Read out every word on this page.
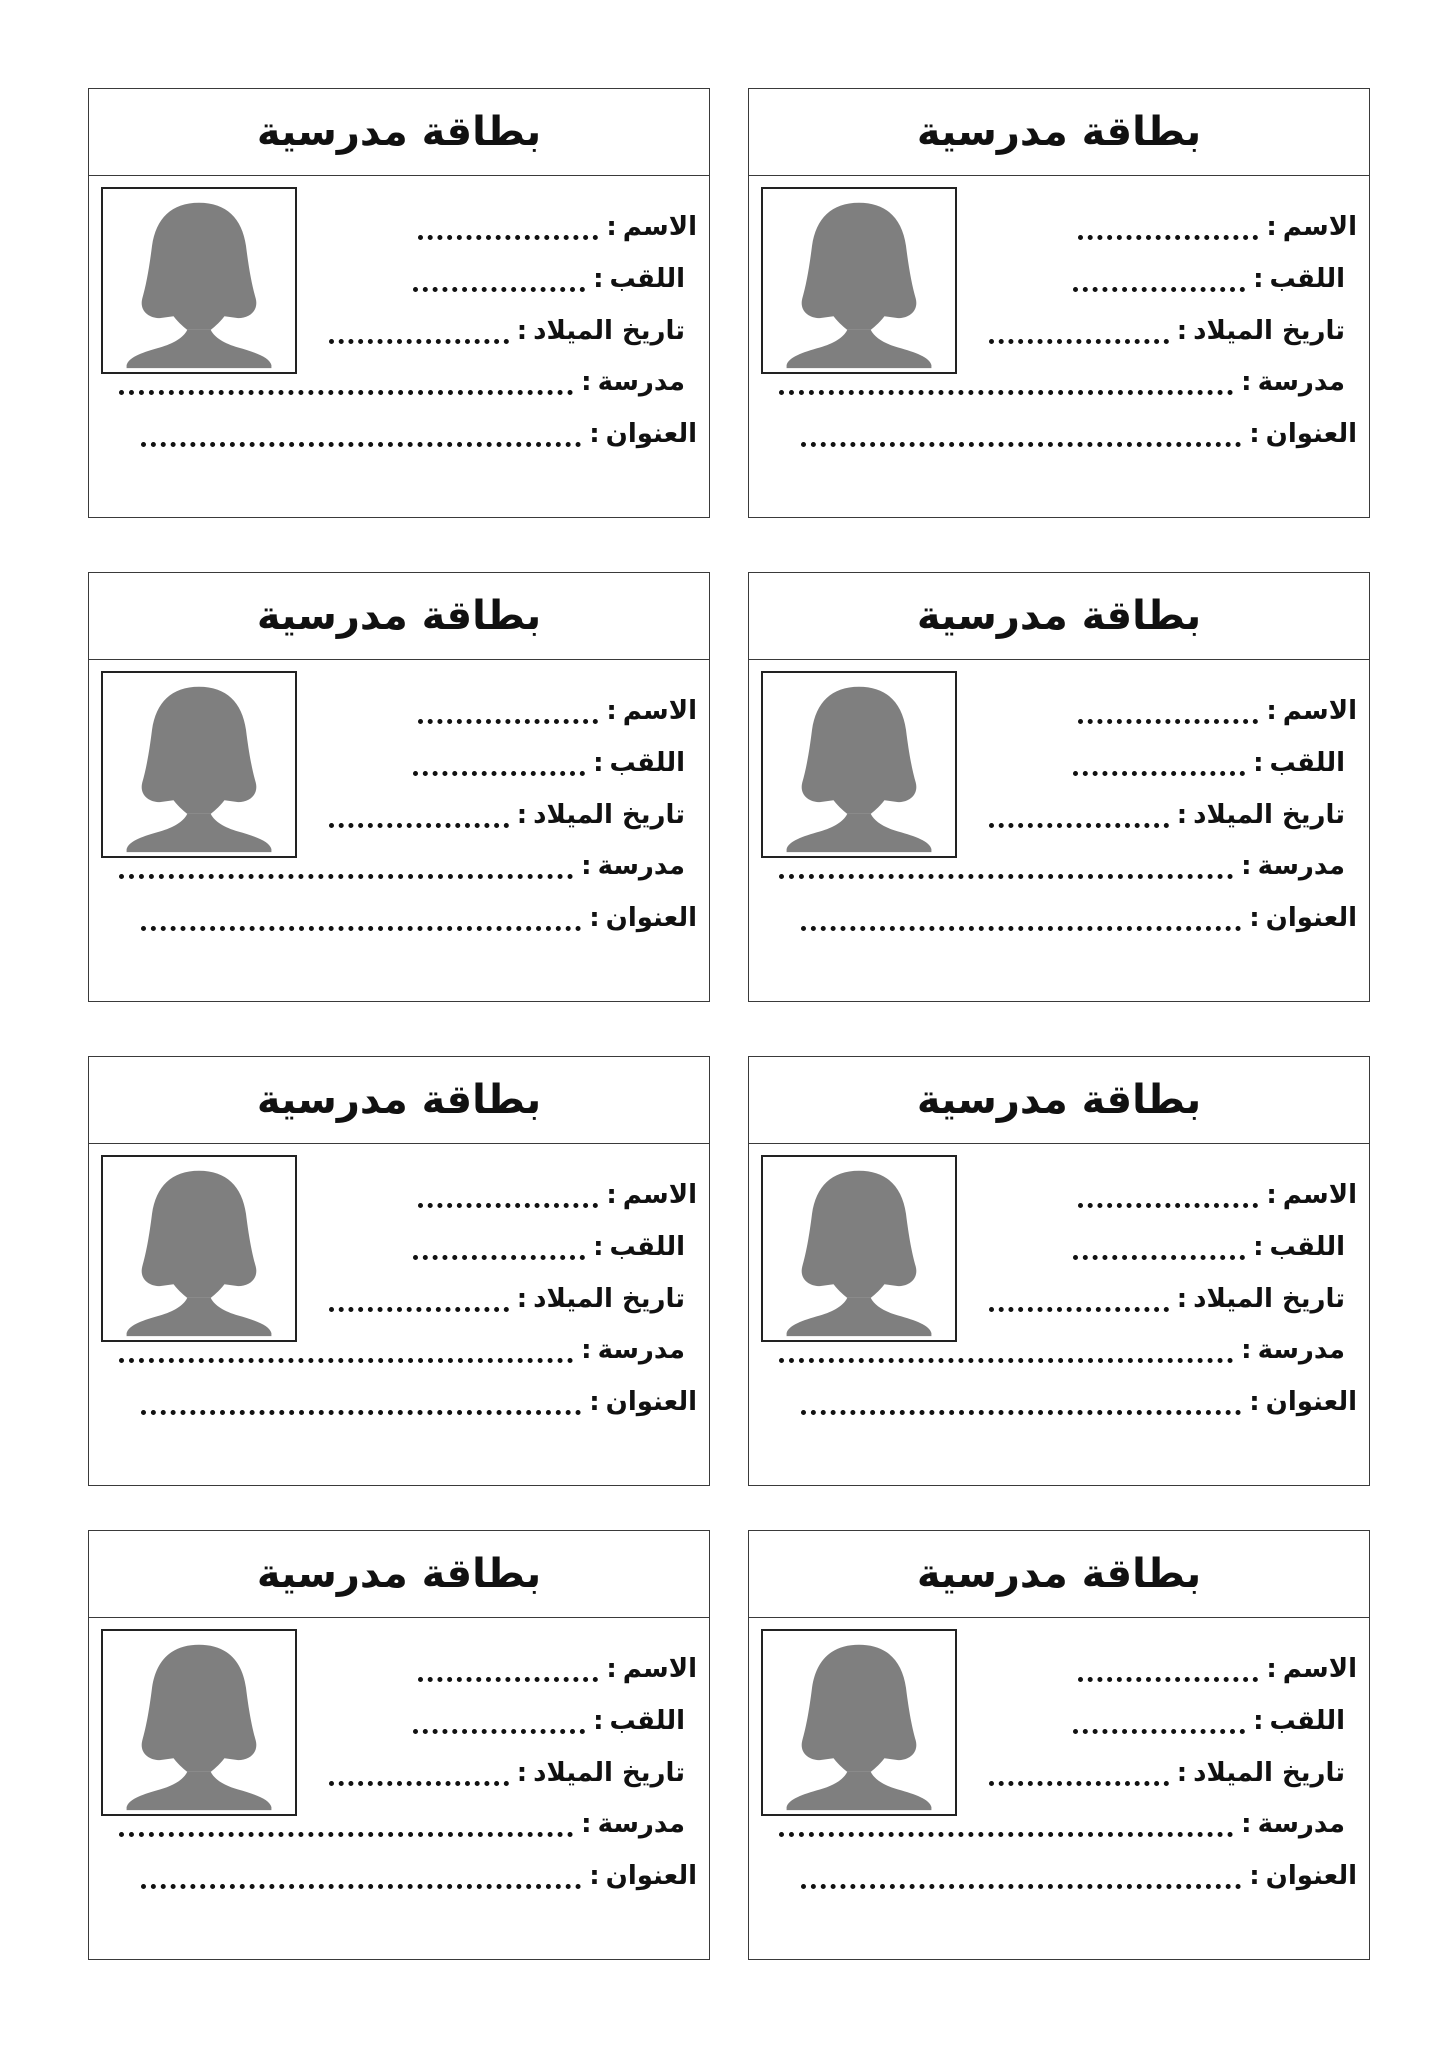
بطاقة مدرسية
الاسم
:
اللقب
:
تاريخ الميلاد
:
مدرسة
:
العنوان
:
بطاقة مدرسية
الاسم
:
اللقب
:
تاريخ الميلاد
:
مدرسة
:
العنوان
:
بطاقة مدرسية
الاسم
:
اللقب
:
تاريخ الميلاد
:
مدرسة
:
العنوان
:
بطاقة مدرسية
الاسم
:
اللقب
:
تاريخ الميلاد
:
مدرسة
:
العنوان
:
بطاقة مدرسية
الاسم
:
اللقب
:
تاريخ الميلاد
:
مدرسة
:
العنوان
:
بطاقة مدرسية
الاسم
:
اللقب
:
تاريخ الميلاد
:
مدرسة
:
العنوان
:
بطاقة مدرسية
الاسم
:
اللقب
:
تاريخ الميلاد
:
مدرسة
:
العنوان
:
بطاقة مدرسية
الاسم
:
اللقب
:
تاريخ الميلاد
:
مدرسة
:
العنوان
:
